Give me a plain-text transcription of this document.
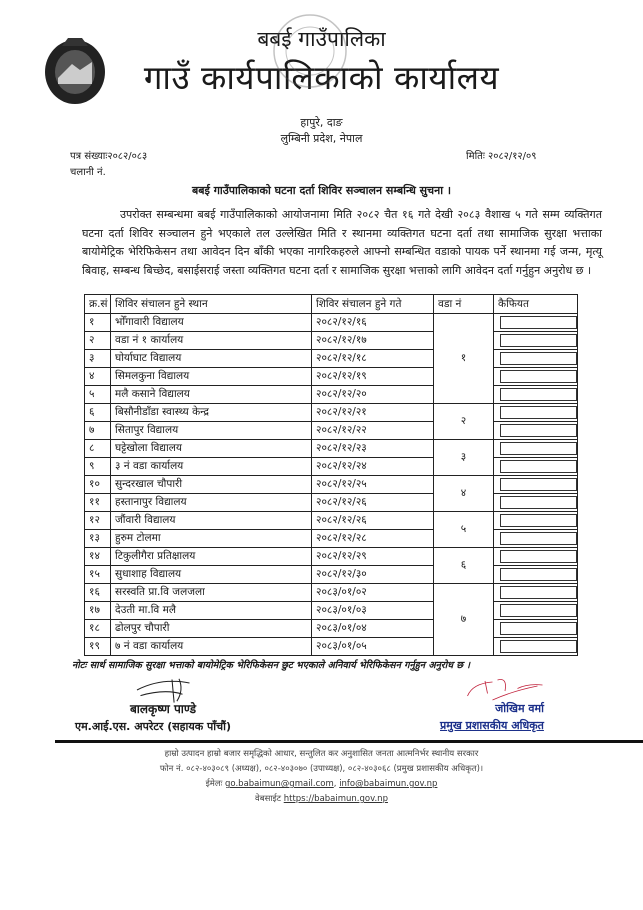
बबई गाउँपालिका
गाउँ कार्यपालिकाको कार्यालय
हापुरे, दाङ
लुम्बिनी प्रदेश, नेपाल
पत्र संख्याः२०८२/०८३
चलानी नं.
मितिः २०८२/१२/०९
बबई गाउँपालिकाको घटना दर्ता शिविर सञ्चालन सम्बन्धि सुचना ।
उपरोक्त सम्बन्धमा बबई गाउँपालिकाको आयोजनामा मिति २०८२ चैत १६ गते देखी २०८३ वैशाख ५ गते सम्म व्यक्तिगत घटना दर्ता शिविर सञ्चालन हुने भएकाले तल उल्लेखित मिति र स्थानमा व्यक्तिगत घटना दर्ता तथा सामाजिक सुरक्षा भत्ताका बायोमेट्रिक भेरिफिकेसन तथा आवेदन दिन बाँकी भएका नागरिकहरुले आफ्नो सम्बन्धित वडाको पायक पर्ने स्थानमा गई जन्म, मृत्यू बिवाह, सम्बन्ध बिच्छेद, बसाईसराई जस्ता व्यक्तिगत घटना दर्ता र सामाजिक सुरक्षा भत्ताको लागि आवेदन दर्ता गर्नुहुन अनुरोध छ ।
क्र.सं	शिविर संचालन हुने स्थान	शिविर संचालन हुने गते	वडा नं	कैफियत
१	भोँगावारी विद्यालय	२०८२/१२/१६	१	

२	वडा नं १ कार्यालय	२०८२/१२/१७		

३	घोर्याघाट विद्यालय	२०८२/१२/१८		

४	सिमलकुना विद्यालय	२०८२/१२/१९		

५	मलै कसाने विद्यालय	२०८२/१२/२०		

६	बिसौनीडाँडा स्वास्थ्य केन्द्र	२०८२/१२/२१	२	

७	सितापुर विद्यालय	२०८२/१२/२२		

८	घट्टेखोला विद्यालय	२०८२/१२/२३	३	

९	३ नं वडा कार्यालय	२०८२/१२/२४		

१०	सुन्दरखाल चौपारी	२०८२/१२/२५	४	

११	हस्तानापुर विद्यालय	२०८२/१२/२६		

१२	जौंवारी विद्यालय	२०८२/१२/२६	५	

१३	हुरुम टोलमा	२०८२/१२/२८		

१४	टिकुलीगैरा प्रतिक्षालय	२०८२/१२/२९	६	

१५	सुधाशाह विद्यालय	२०८२/१२/३०		

१६	सरस्वति प्रा.वि जलजला	२०८३/०१/०२	७	

१७	देउती मा.वि मलै	२०८३/०१/०३		

१८	ढोलपुर चौपारी	२०८३/०१/०४		

१९	७ नं वडा कार्यालय	२०८३/०१/०५		
नोटः सार्थ सामाजिक सुरक्षा भत्ताको बायोमेट्रिक भेरिफिकेसन छुट भएकाले अनिवार्य भेरिफिकेसन गर्नुहुन अनुरोध छ ।
बालकृष्ण पाण्डे
एम.आई.एस. अपरेटर (सहायक पाँचौं)
जोखिम वर्मा
प्रमुख प्रशासकीय अधिकृत
हाम्रो उत्पादन हाम्रो बजार समृद्धिको आधार, सन्तुलित कर अनुशासित जनता आत्मनिर्भर स्थानीय सरकार
फोन नं. ०८२-४०३०८९ (अध्यक्ष), ०८२-४०३०७० (उपाध्यक्ष), ०८२-४०३०६८ (प्रमुख प्रशासकीय अधिकृत)।
ईमेलः go.babaimun@gmail.com, info@babaimun.gov.np
वेबसाईट https://babaimun.gov.np
